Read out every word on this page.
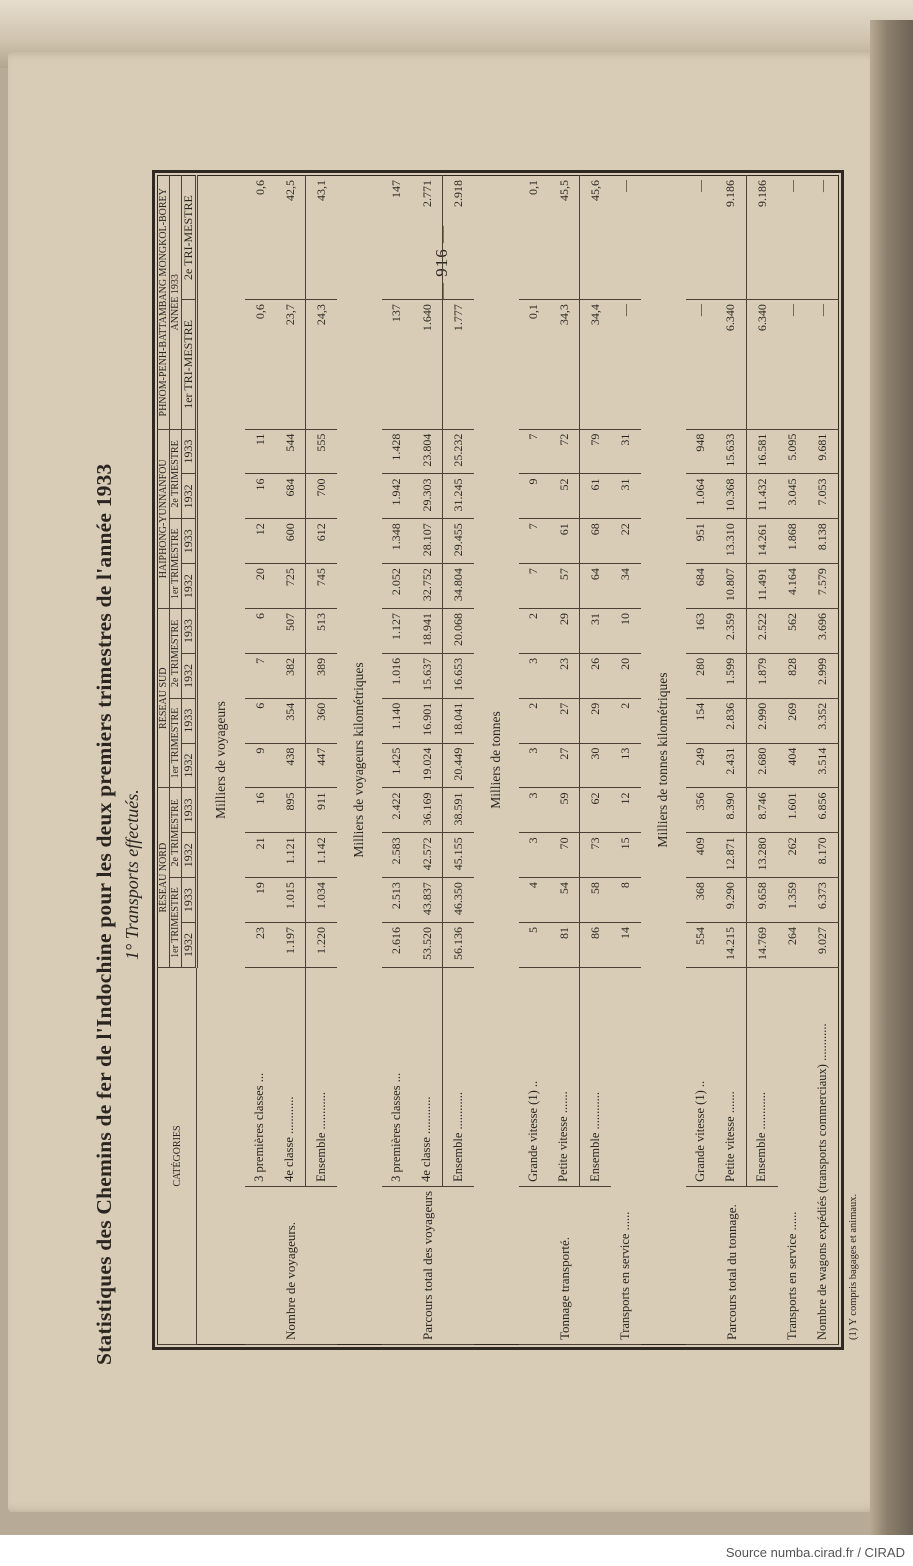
— 916 —
Statistiques des Chemins de fer de l'Indochine pour les deux premiers trimestres de l'année 1933 1° Transports effectués.
CATÉGORIES		RÉSEAU NORD				RÉSEAU SUD				HAIPHONG-YUNNANFOU				PHNOM-PENH-BATTAMBANG MONGKOL-BOREY	
		1er TRIMESTRE		2e TRIMESTRE		1er TRIMESTRE		2e TRIMESTRE		1er TRIMESTRE		2e TRIMESTRE		ANNÉE 1933	
		1932	1933	1932	1933	1932	1933	1932	1933	1932	1933	1932	1933	1er TRI-MESTRE	2e TRI-MESTRE
Milliers de voyageurs															
Nombre de voyageurs.	3 premières classes ...	23	19	21	16	9	6	7	6	20	12	16	11	0,6	0,6
	4e classe ............	1.197	1.015	1.121	895	438	354	382	507	725	600	684	544	23,7	42,5
	Ensemble ............	1.220	1.034	1.142	911	447	360	389	513	745	612	700	555	24,3	43,1
Milliers de voyageurs kilométriques															
Parcours total des voyageurs	3 premières classes ...	2.616	2.513	2.583	2.422	1.425	1.140	1.016	1.127	2.052	1.348	1.942	1.428	137	147
	4e classe ............	53.520	43.837	42.572	36.169	19.024	16.901	15.637	18.941	32.752	28.107	29.303	23.804	1.640	2.771
	Ensemble ............	56.136	46.350	45.155	38.591	20.449	18.041	16.653	20.068	34.804	29.455	31.245	25.232	1.777	2.918
Milliers de tonnes															
Tonnage transporté.	Grande vitesse (1) ..	5	4	3	3	3	2	3	2	7	7	9	7	0,1	0,1
	Petite vitesse .......	81	54	70	59	27	27	23	29	57	61	52	72	34,3	45,5
	Ensemble ............	86	58	73	62	30	29	26	31	64	68	61	79	34,4	45,6
Transports en service ......		14	8	15	12	13	2	20	10	34	22	31	31	—	—
Milliers de tonnes kilométriques															
Parcours total du tonnage.	Grande vitesse (1) ..	554	368	409	356	249	154	280	163	684	951	1.064	948	—	—
	Petite vitesse .......	14.215	9.290	12.871	8.390	2.431	2.836	1.599	2.359	10.807	13.310	10.368	15.633	6.340	9.186
	Ensemble ............	14.769	9.658	13.280	8.746	2.680	2.990	1.879	2.522	11.491	14.261	11.432	16.581	6.340	9.186
Transports en service ......		264	1.359	262	1.601	404	269	828	562	4.164	1.868	3.045	5.095	—	—
Nombre de wagons expédiés (transports commerciaux) ............		9.027	6.373	8.170	6.856	3.514	3.352	2.999	3.696	7.579	8.138	7.053	9.681	—	—
(1) Y compris bagages et animaux.
Source numba.cirad.fr / CIRAD
